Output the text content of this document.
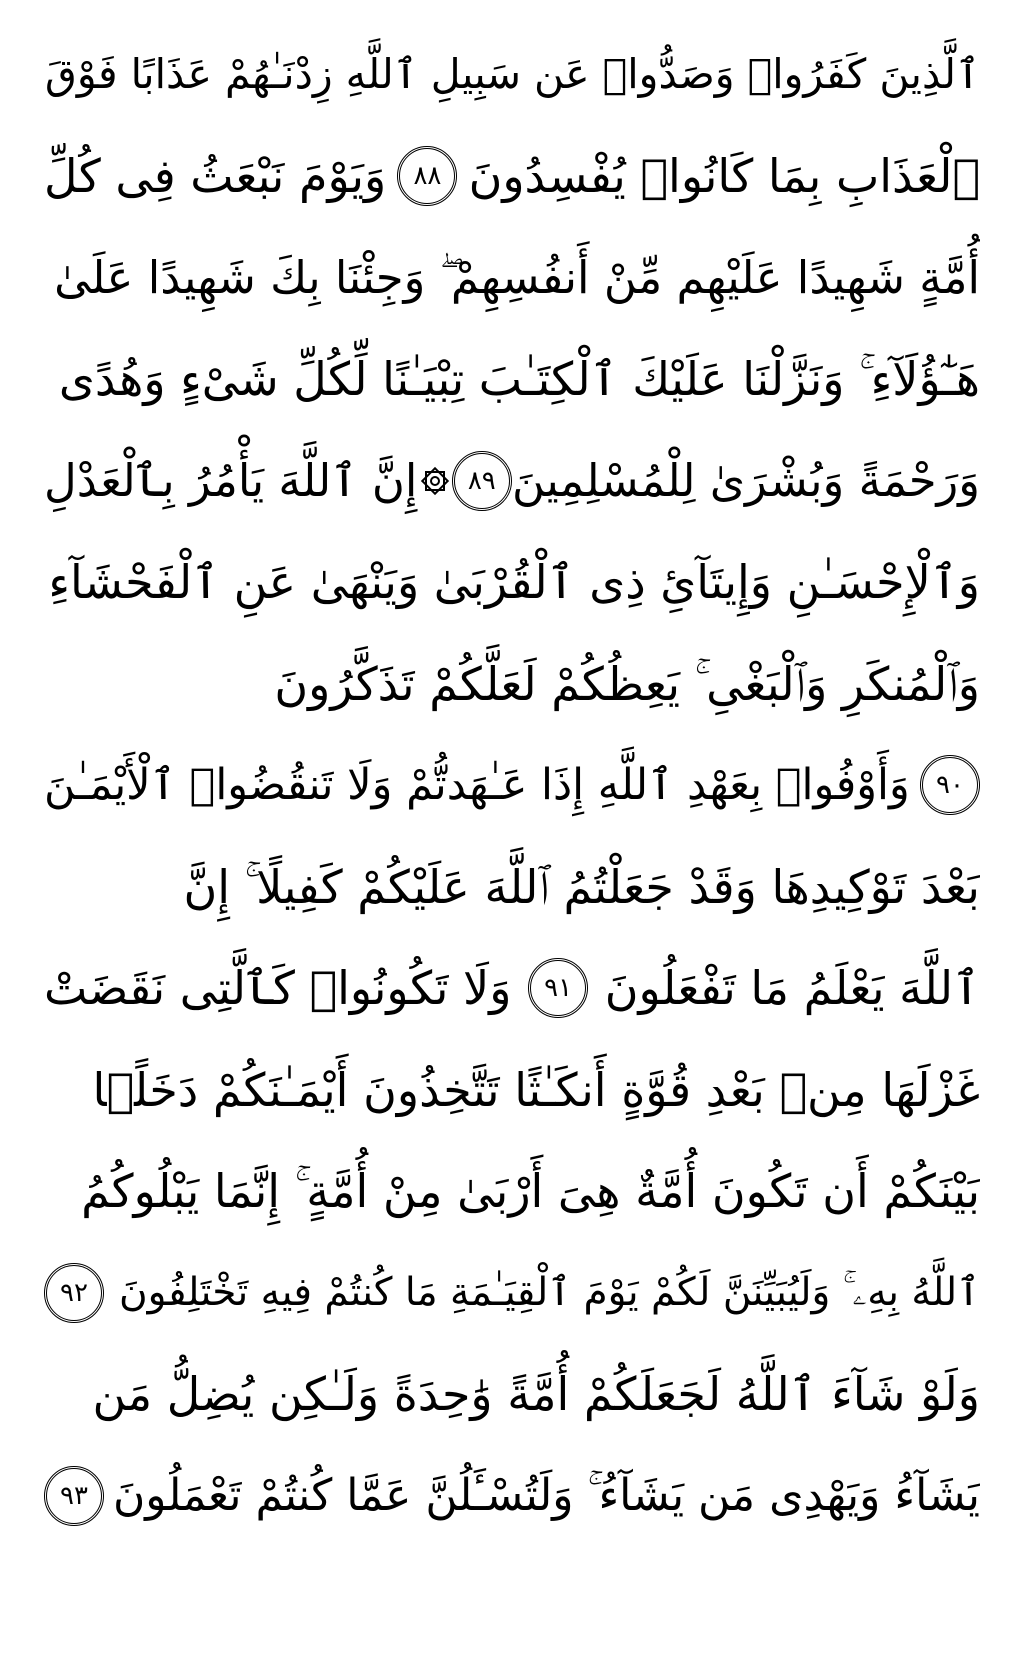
ٱلَّذِينَ كَفَرُوا۟ وَصَدُّوا۟ عَن سَبِيلِ ٱللَّهِ زِدْنَـٰهُمْ عَذَابًا فَوْقَ
ٱلْعَذَابِ بِمَا كَانُوا۟ يُفْسِدُونَ
٨٨
وَيَوْمَ نَبْعَثُ فِى كُلِّ
أُمَّةٍ شَهِيدًا عَلَيْهِم مِّنْ أَنفُسِهِمْ ۖ وَجِئْنَا بِكَ شَهِيدًا عَلَىٰ
هَـٰٓؤُلَآءِ ۚ وَنَزَّلْنَا عَلَيْكَ ٱلْكِتَـٰبَ تِبْيَـٰنًا لِّكُلِّ شَىْءٍ وَهُدًى
وَرَحْمَةً وَبُشْرَىٰ لِلْمُسْلِمِينَ
٨٩
إِنَّ ٱللَّهَ يَأْمُرُ بِٱلْعَدْلِ
وَٱلْإِحْسَـٰنِ وَإِيتَآئِ ذِى ٱلْقُرْبَىٰ وَيَنْهَىٰ عَنِ ٱلْفَحْشَآءِ
وَٱلْمُنكَرِ وَٱلْبَغْىِ ۚ يَعِظُكُمْ لَعَلَّكُمْ تَذَكَّرُونَ
٩٠
وَأَوْفُوا۟ بِعَهْدِ ٱللَّهِ إِذَا عَـٰهَدتُّمْ وَلَا تَنقُضُوا۟ ٱلْأَيْمَـٰنَ
بَعْدَ تَوْكِيدِهَا وَقَدْ جَعَلْتُمُ ٱللَّهَ عَلَيْكُمْ كَفِيلًا ۚ إِنَّ
ٱللَّهَ يَعْلَمُ مَا تَفْعَلُونَ
٩١
وَلَا تَكُونُوا۟ كَٱلَّتِى نَقَضَتْ
غَزْلَهَا مِنۢ بَعْدِ قُوَّةٍ أَنكَـٰثًا تَتَّخِذُونَ أَيْمَـٰنَكُمْ دَخَلًۢا
بَيْنَكُمْ أَن تَكُونَ أُمَّةٌ هِىَ أَرْبَىٰ مِنْ أُمَّةٍ ۚ إِنَّمَا يَبْلُوكُمُ
ٱللَّهُ بِهِۦ ۚ وَلَيُبَيِّنَنَّ لَكُمْ يَوْمَ ٱلْقِيَـٰمَةِ مَا كُنتُمْ فِيهِ تَخْتَلِفُونَ
٩٢
وَلَوْ شَآءَ ٱللَّهُ لَجَعَلَكُمْ أُمَّةً وَٰحِدَةً وَلَـٰكِن يُضِلُّ مَن
يَشَآءُ وَيَهْدِى مَن يَشَآءُ ۚ وَلَتُسْـَٔلُنَّ عَمَّا كُنتُمْ تَعْمَلُونَ
٩٣
